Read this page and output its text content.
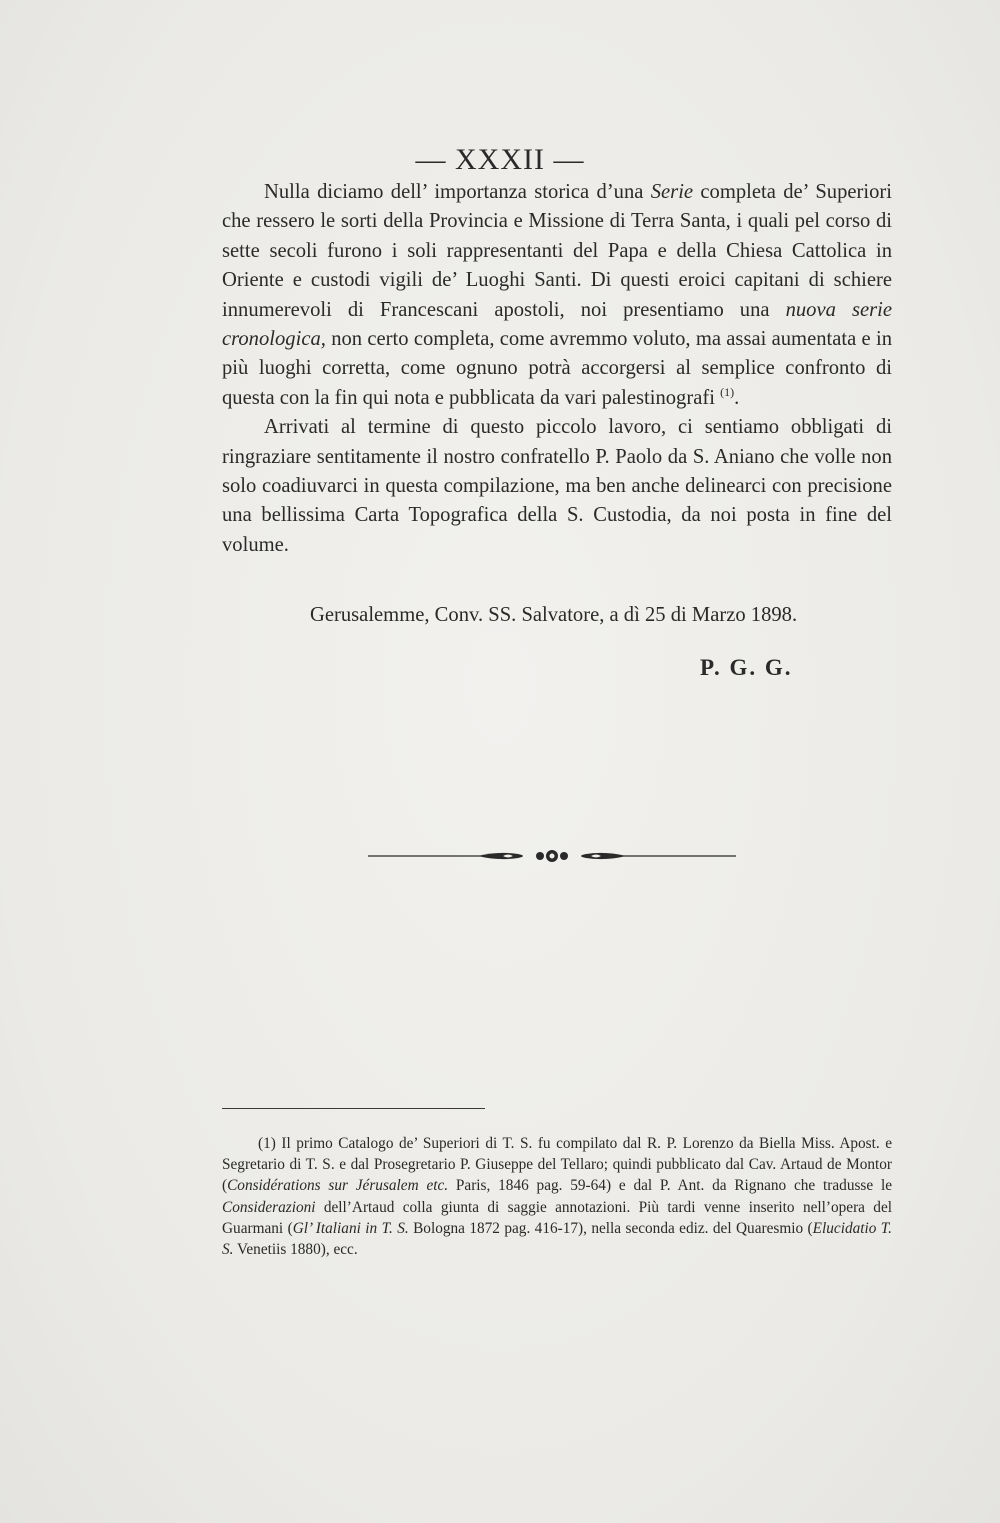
— XXXII —

Nulla diciamo dell’ importanza storica d’una Serie completa de’ Superiori che ressero le sorti della Provincia e Missione di Terra Santa, i quali pel corso di sette secoli furono i soli rappresentanti del Papa e della Chiesa Cattolica in Oriente e custodi vigili de’ Luoghi Santi. Di questi eroici capitani di schiere innumerevoli di Francescani apostoli, noi presentiamo una nuova serie cronologica, non certo completa, come avremmo voluto, ma assai aumentata e in più luoghi corretta, come ognuno potrà accorgersi al semplice confronto di questa con la fin qui nota e pubblicata da vari palestinografi $^{(1)}$.

Arrivati al termine di questo piccolo lavoro, ci sentiamo obbligati di ringraziare sentitamente il nostro confratello P. Paolo da S. Aniano che volle non solo coadiuvarci in questa compilazione, ma ben anche delinearci con precisione una bellissima Carta Topografica della S. Custodia, da noi posta in fine del volume.

Gerusalemme, Conv. SS. Salvatore, a dì 25 di Marzo 1898.
P. G. G.

(1) Il primo Catalogo de’ Superiori di T. S. fu compilato dal R. P. Lorenzo da Biella Miss. Apost. e Segretario di T. S. e dal Prosegretario P. Giuseppe del Tellaro; quindi pubblicato dal Cav. Artaud de Montor (Considérations sur Jérusalem etc. Paris, 1846 pag. 59-64) e dal P. Ant. da Rignano che tradusse le Considerazioni dell’Artaud colla giunta di saggie annotazioni. Più tardi venne inserito nell’opera del Guarmani (Gl’ Italiani in T. S. Bologna 1872 pag. 416-17), nella seconda ediz. del Quaresmio (Elucidatio T. S. Venetiis 1880), ecc.
